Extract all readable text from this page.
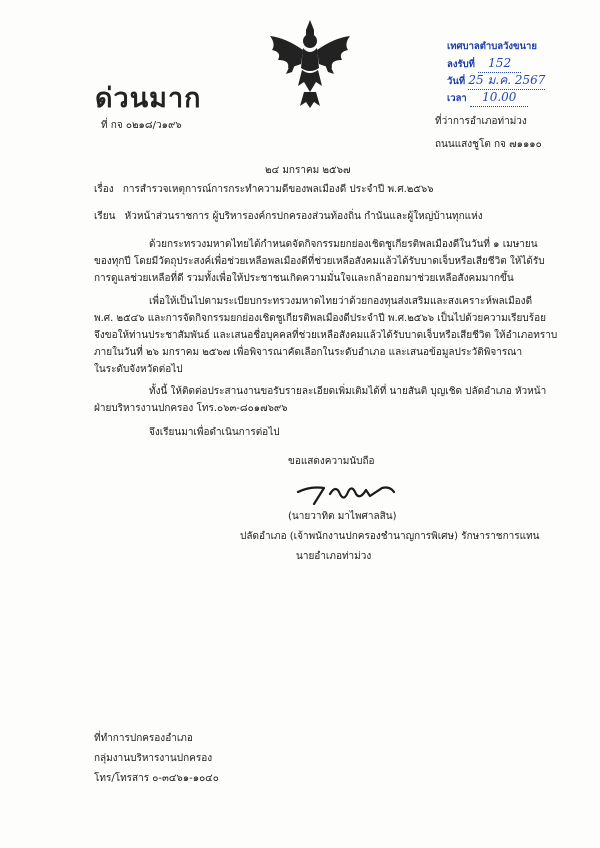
ด่วนมาก
ที่ กจ ๐๒๑๘/ว๑๙๖
เทศบาลตำบลวังขนาย
ลงรับที่ 152
วันที่ 25 ม.ค. 2567
เวลา 10.00
ที่ว่าการอำเภอท่าม่วง
ถนนแสงชูโต กจ ๗๑๑๑๐
๒๔ มกราคม ๒๕๖๗
เรื่อง การสำรวจเหตุการณ์การกระทำความดีของพลเมืองดี ประจำปี พ.ศ.๒๕๖๖
เรียน หัวหน้าส่วนราชการ ผู้บริหารองค์กรปกครองส่วนท้องถิ่น กำนันและผู้ใหญ่บ้านทุกแห่ง
ด้วยกระทรวงมหาดไทยได้กำหนดจัดกิจกรรมยกย่องเชิดชูเกียรติพลเมืองดีในวันที่ ๑ เมษายน
ของทุกปี โดยมีวัตถุประสงค์เพื่อช่วยเหลือพลเมืองดีที่ช่วยเหลือสังคมแล้วได้รับบาดเจ็บหรือเสียชีวิต ให้ได้รับ
การดูแลช่วยเหลือที่ดี รวมทั้งเพื่อให้ประชาชนเกิดความมั่นใจและกล้าออกมาช่วยเหลือสังคมมากขึ้น
เพื่อให้เป็นไปตามระเบียบกระทรวงมหาดไทยว่าด้วยกองทุนส่งเสริมและสงเคราะห์พลเมืองดี
พ.ศ. ๒๕๔๖ และการจัดกิจกรรมยกย่องเชิดชูเกียรติพลเมืองดีประจำปี พ.ศ.๒๕๖๖ เป็นไปด้วยความเรียบร้อย
จึงขอให้ท่านประชาสัมพันธ์ และเสนอชื่อบุคคลที่ช่วยเหลือสังคมแล้วได้รับบาดเจ็บหรือเสียชีวิต ให้อำเภอทราบ
ภายในวันที่ ๒๖ มกราคม ๒๕๖๗ เพื่อพิจารณาคัดเลือกในระดับอำเภอ และเสนอข้อมูลประวัติพิจารณา
ในระดับจังหวัดต่อไป
ทั้งนี้ ให้ติดต่อประสานงานขอรับรายละเอียดเพิ่มเติมได้ที่ นายสันติ บุญเชิด ปลัดอำเภอ หัวหน้า
ฝ่ายบริหารงานปกครอง โทร.๐๖๓-๘๐๑๗๖๙๖
จึงเรียนมาเพื่อดำเนินการต่อไป
ขอแสดงความนับถือ
(นายวาทิต มาไพศาลสิน)
ปลัดอำเภอ (เจ้าพนักงานปกครองชำนาญการพิเศษ) รักษาราชการแทน
นายอำเภอท่าม่วง
ที่ทำการปกครองอำเภอ
กลุ่มงานบริหารงานปกครอง
โทร/โทรสาร ๐-๓๔๖๑-๑๐๔๐
